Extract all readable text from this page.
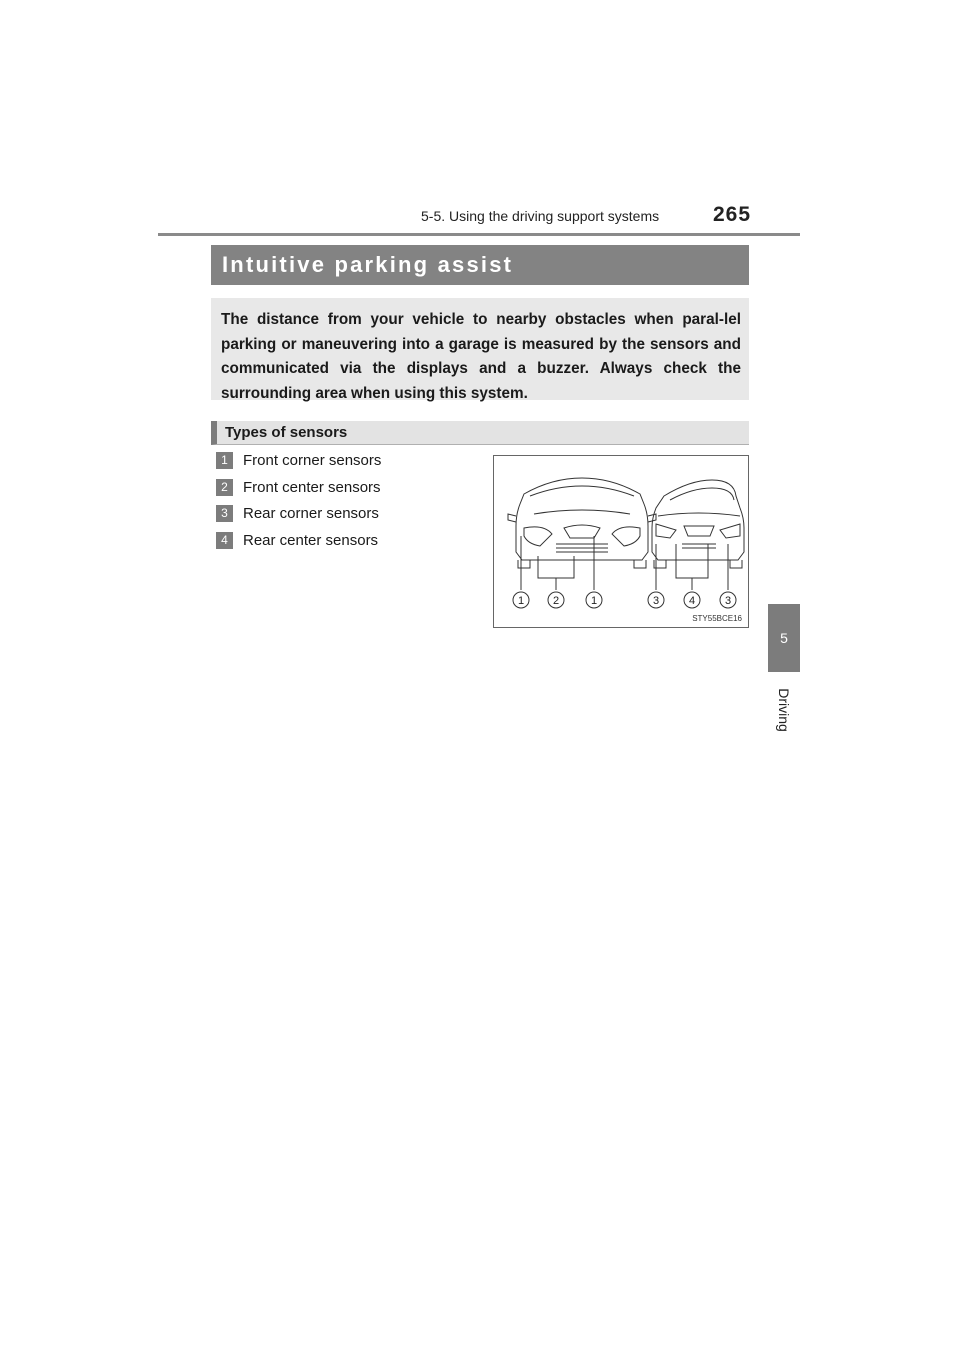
5-5. Using the driving support systems	265
5
Driving
Intuitive parking assist
The distance from your vehicle to nearby obstacles when paral-lel parking or maneuvering into a garage is measured by the sensors and communicated via the displays and a buzzer. Always check the surrounding area when using this system.
Types of sensors
1	Front corner sensors
2	Front center sensors
3	Rear corner sensors
4	Rear center sensors
1	2	1	3	4	3
STY55BCE16
